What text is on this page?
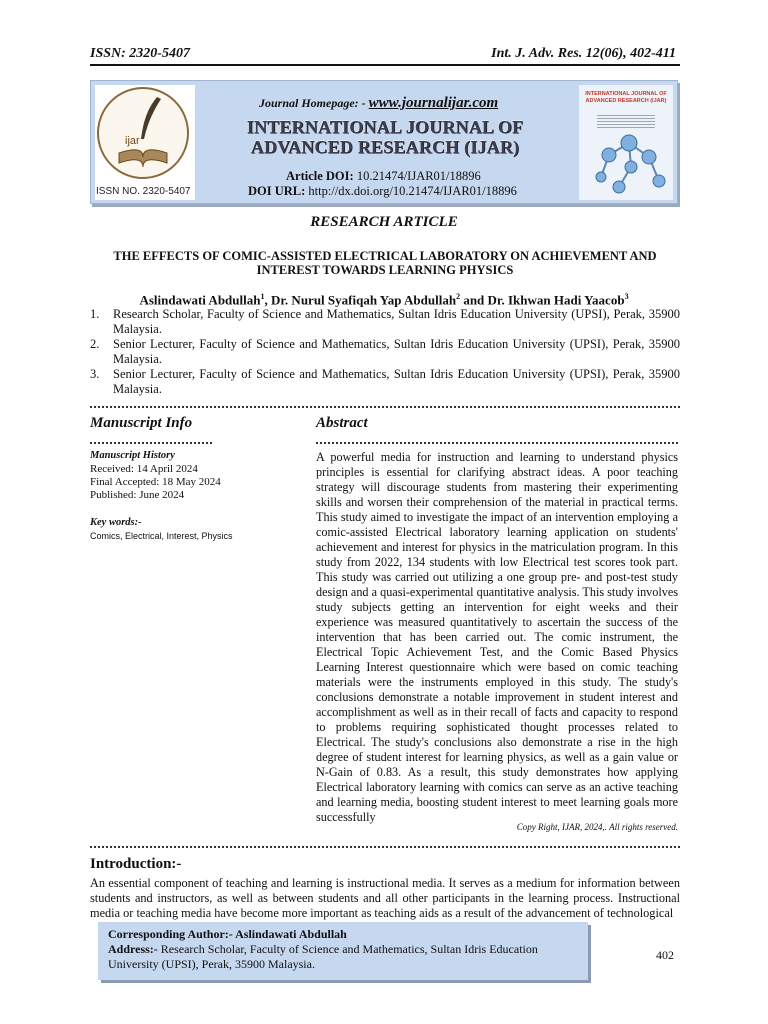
ISSN: 2320-5407	Int. J. Adv. Res. 12(06), 402-411
ijar
ISSN NO. 2320-5407
Journal Homepage: - www.journalijar.com
INTERNATIONAL JOURNAL OF
ADVANCED RESEARCH (IJAR)
Article DOI: 10.21474/IJAR01/18896
DOI URL: http://dx.doi.org/10.21474/IJAR01/18896
INTERNATIONAL JOURNAL OF ADVANCED RESEARCH (IJAR)
RESEARCH ARTICLE
THE EFFECTS OF COMIC-ASSISTED ELECTRICAL LABORATORY ON ACHIEVEMENT AND INTEREST TOWARDS LEARNING PHYSICS
Aslindawati Abdullah$^1$, Dr. Nurul Syafiqah Yap Abdullah$^2$ and Dr. Ikhwan Hadi Yaacob$^3$
1. Research Scholar, Faculty of Science and Mathematics, Sultan Idris Education University (UPSI), Perak, 35900 Malaysia.
2. Senior Lecturer, Faculty of Science and Mathematics, Sultan Idris Education University (UPSI), Perak, 35900 Malaysia.
3. Senior Lecturer, Faculty of Science and Mathematics, Sultan Idris Education University (UPSI), Perak, 35900 Malaysia.
Manuscript Info	Abstract
Manuscript History
Received: 14 April 2024
Final Accepted: 18 May 2024
Published: June 2024
Key words:-
Comics, Electrical, Interest, Physics
A powerful media for instruction and learning to understand physics principles is essential for clarifying abstract ideas. A poor teaching strategy will discourage students from mastering their experimenting skills and worsen their comprehension of the material in practical terms. This study aimed to investigate the impact of an intervention employing a comic-assisted Electrical laboratory learning application on students' achievement and interest for physics in the matriculation program. In this study from 2022, 134 students with low Electrical test scores took part. This study was carried out utilizing a one group pre- and post-test study design and a quasi-experimental quantitative analysis. This study involves study subjects getting an intervention for eight weeks and their experience was measured quantitatively to ascertain the success of the intervention that has been carried out. The comic instrument, the Electrical Topic Achievement Test, and the Comic Based Physics Learning Interest questionnaire which were based on comic teaching materials were the instruments employed in this study. The study's conclusions demonstrate a notable improvement in student interest and accomplishment as well as in their recall of facts and capacity to respond to problems requiring sophisticated thought processes related to Electrical. The study's conclusions also demonstrate a rise in the high degree of student interest for learning physics, as well as a gain value or N-Gain of 0.83. As a result, this study demonstrates how applying Electrical laboratory learning with comics can serve as an active teaching and learning media, boosting student interest to meet learning goals more successfully
Copy Right, IJAR, 2024,. All rights reserved.
Introduction:-
An essential component of teaching and learning is instructional media. It serves as a medium for information between students and instructors, as well as between students and all other participants in the learning process. Instructional media or teaching media have become more important as teaching aids as a result of the advancement of technological
Corresponding Author:- Aslindawati Abdullah
Address:- Research Scholar, Faculty of Science and Mathematics, Sultan Idris Education University (UPSI), Perak, 35900 Malaysia.
402
